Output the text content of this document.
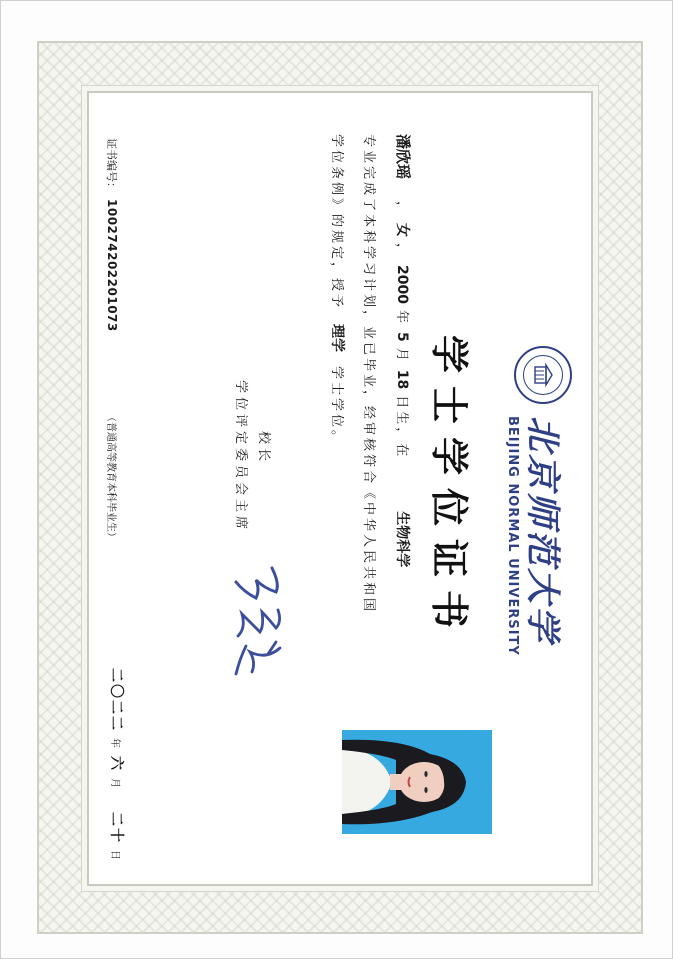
北京师范大学
BEIJING NORMAL UNIVERSITY
学士学位证书
潘欣瑶，女，2000年5月18日生，在生物科学
专业完成了本科学习计划，业已毕业，经审核符合《中华人民共和国
学位条例》的规定，授予理学学士学位。
校长
学位评定委员会主席
二〇二二年六月二十日
证书编号：100274202201073
（普通高等教育本科毕业生）
